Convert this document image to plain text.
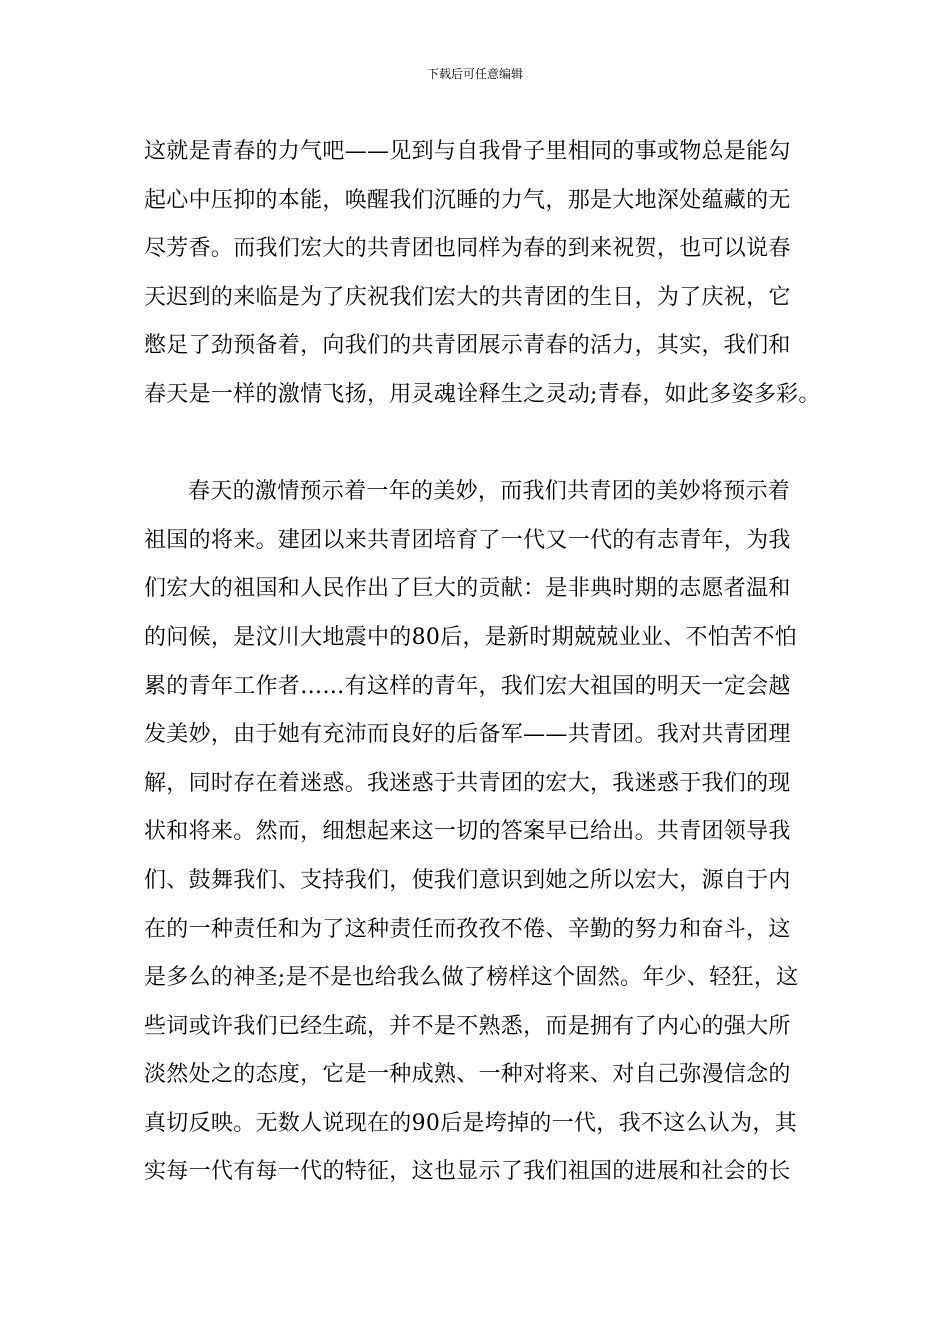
下载后可任意编辑
这就是青春的力气吧——见到与自我骨子里相同的事或物总是能勾
起心中压抑的本能，唤醒我们沉睡的力气，那是大地深处蕴藏的无
尽芳香。而我们宏大的共青团也同样为春的到来祝贺，也可以说春
天迟到的来临是为了庆祝我们宏大的共青团的生日，为了庆祝，它
憋足了劲预备着，向我们的共青团展示青春的活力，其实，我们和
春天是一样的激情飞扬，用灵魂诠释生之灵动;青春，如此多姿多彩。
春天的激情预示着一年的美妙，而我们共青团的美妙将预示着
祖国的将来。建团以来共青团培育了一代又一代的有志青年，为我
们宏大的祖国和人民作出了巨大的贡献：是非典时期的志愿者温和
的问候，是汶川大地震中的80后，是新时期兢兢业业、不怕苦不怕
累的青年工作者……有这样的青年，我们宏大祖国的明天一定会越
发美妙，由于她有充沛而良好的后备军——共青团。我对共青团理
解，同时存在着迷惑。我迷惑于共青团的宏大，我迷惑于我们的现
状和将来。然而，细想起来这一切的答案早已给出。共青团领导我
们、鼓舞我们、支持我们，使我们意识到她之所以宏大，源自于内
在的一种责任和为了这种责任而孜孜不倦、辛勤的努力和奋斗，这
是多么的神圣;是不是也给我么做了榜样这个固然。年少、轻狂，这
些词或许我们已经生疏，并不是不熟悉，而是拥有了内心的强大所
淡然处之的态度，它是一种成熟、一种对将来、对自己弥漫信念的
真切反映。无数人说现在的90后是垮掉的一代，我不这么认为，其
实每一代有每一代的特征，这也显示了我们祖国的进展和社会的长
